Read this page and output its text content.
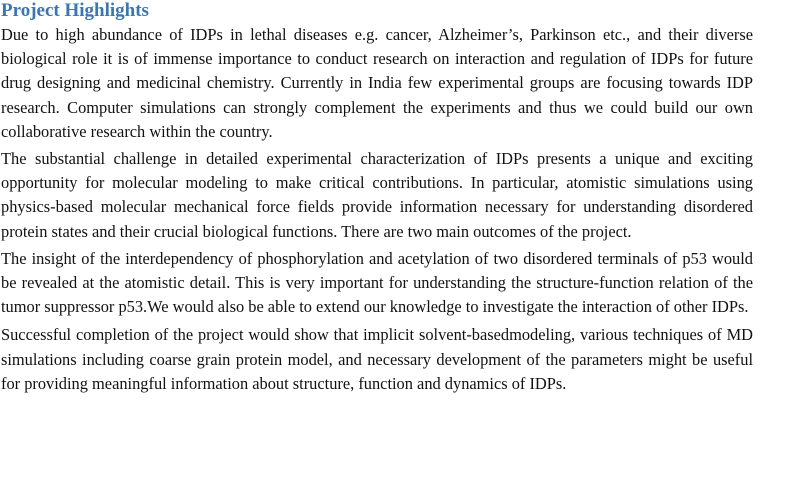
Project Highlights

Due to high abundance of IDPs in lethal diseases e.g. cancer, Alzheimer’s, Parkinson etc., and their diverse biological role it is of immense importance to conduct research on interaction and regulation of IDPs for future drug designing and medicinal chemistry. Currently in India few experimental groups are focusing towards IDP research. Computer simulations can strongly complement the experiments and thus we could build our own collaborative research within the country.

The substantial challenge in detailed experimental characterization of IDPs presents a unique and exciting opportunity for molecular modeling to make critical contributions. In particular, atomistic simulations using physics-based molecular mechanical force fields provide information necessary for understanding disordered protein states and their crucial biological functions. There are two main outcomes of the project.

The insight of the interdependency of phosphorylation and acetylation of two disordered terminals of p53 would be revealed at the atomistic detail. This is very important for understanding the structure-function relation of the tumor suppressor p53.We would also be able to extend our knowledge to investigate the interaction of other IDPs.

Successful completion of the project would show that implicit solvent-basedmodeling, various techniques of MD simulations including coarse grain protein model, and necessary development of the parameters might be useful for providing meaningful information about structure, function and dynamics of IDPs.
